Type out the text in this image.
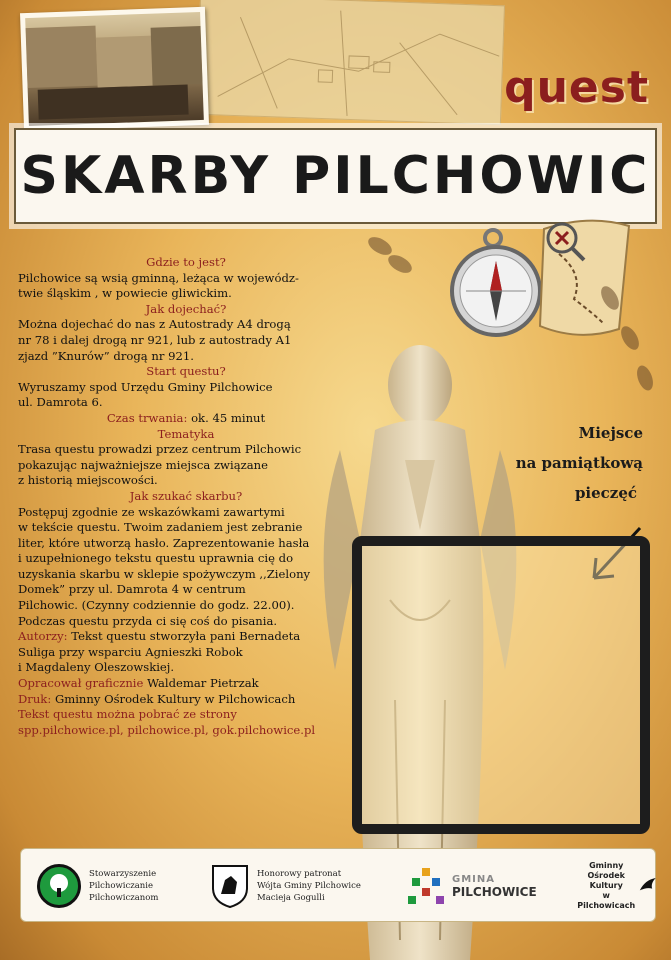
quest
SKARBY PILCHOWIC
Gdzie to jest?
Pilchowice są wsią gminną, leżąca w wojewódz-
twie śląskim , w powiecie gliwickim.
Jak dojechać?
Można dojechać do nas z Autostrady A4 drogą
nr 78 i dalej drogą nr 921, lub z autostrady A1
zjazd ”Knurów” drogą nr 921.
Start questu?
Wyruszamy spod Urzędu Gminy Pilchowice
ul. Damrota 6.
Czas trwania: ok. 45 minut
Tematyka
Trasa questu prowadzi przez centrum Pilchowic
pokazując najważniejsze miejsca związane
z historią miejscowości.
Jak szukać skarbu?
Postępuj zgodnie ze wskazówkami zawartymi
w tekście questu. Twoim zadaniem jest zebranie
liter, które utworzą hasło. Zaprezentowanie hasła
i uzupełnionego tekstu questu uprawnia cię do
uzyskania skarbu w sklepie spożywczym ,,Zielony
Domek” przy ul. Damrota 4 w centrum
Pilchowic. (Czynny codziennie do godz. 22.00).
Podczas questu przyda ci się coś do pisania.
Autorzy: Tekst questu stworzyła pani Bernadeta
Suliga przy wsparciu Agnieszki Robok
i Magdaleny Oleszowskiej.
Opracował graficznie Waldemar Pietrzak
Druk: Gminny Ośrodek Kultury w Pilchowicach
Tekst questu można pobrać ze strony
spp.pilchowice.pl, pilchowice.pl, gok.pilchowice.pl
Miejsce
na pamiątkową
pieczęć
Stowarzyszenie
Pilchowiczanie
Pilchowiczanom
Honorowy patronat
Wójta Gminy Pilchowice
Macieja Gogulli
GMINA
PILCHOWICE
Gminny
Ośrodek
Kultury
w Pilchowicach
